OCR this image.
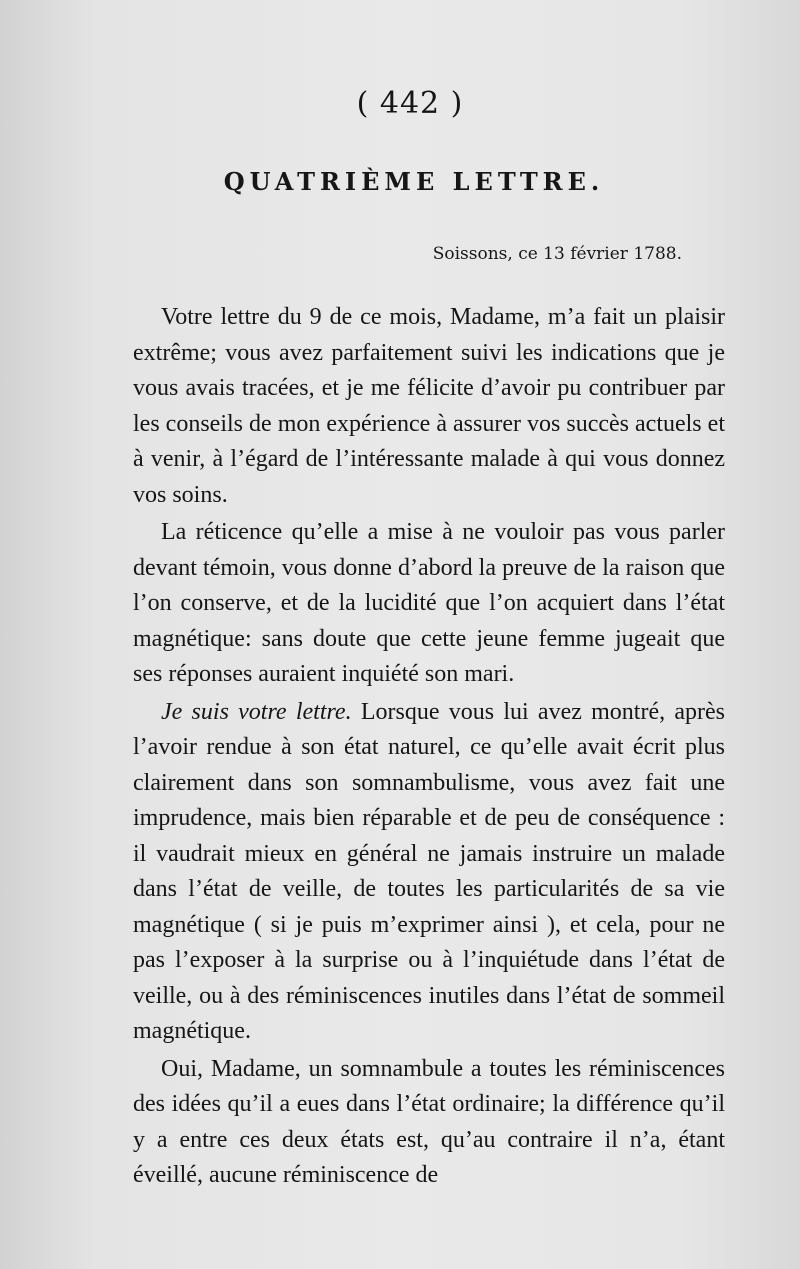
( 442 )
QUATRIÈME LETTRE.
Soissons, ce 13 février 1788.

Votre lettre du 9 de ce mois, Madame, m’a fait un plaisir extrême; vous avez parfaitement suivi les indications que je vous avais tracées, et je me félicite d’avoir pu contribuer par les conseils de mon expérience à assurer vos succès actuels et à venir, à l’égard de l’intéressante malade à qui vous donnez vos soins.

La réticence qu’elle a mise à ne vouloir pas vous parler devant témoin, vous donne d’abord la preuve de la raison que l’on conserve, et de la lucidité que l’on acquiert dans l’état magnétique: sans doute que cette jeune femme jugeait que ses réponses auraient inquiété son mari.

Je suis votre lettre. Lorsque vous lui avez montré, après l’avoir rendue à son état naturel, ce qu’elle avait écrit plus clairement dans son somnambulisme, vous avez fait une imprudence, mais bien réparable et de peu de conséquence : il vaudrait mieux en général ne jamais instruire un malade dans l’état de veille, de toutes les particularités de sa vie magnétique ( si je puis m’exprimer ainsi ), et cela, pour ne pas l’exposer à la surprise ou à l’inquiétude dans l’état de veille, ou à des réminiscences inutiles dans l’état de sommeil magnétique.

Oui, Madame, un somnambule a toutes les réminiscences des idées qu’il a eues dans l’état ordinaire; la différence qu’il y a entre ces deux états est, qu’au contraire il n’a, étant éveillé, aucune réminiscence de
